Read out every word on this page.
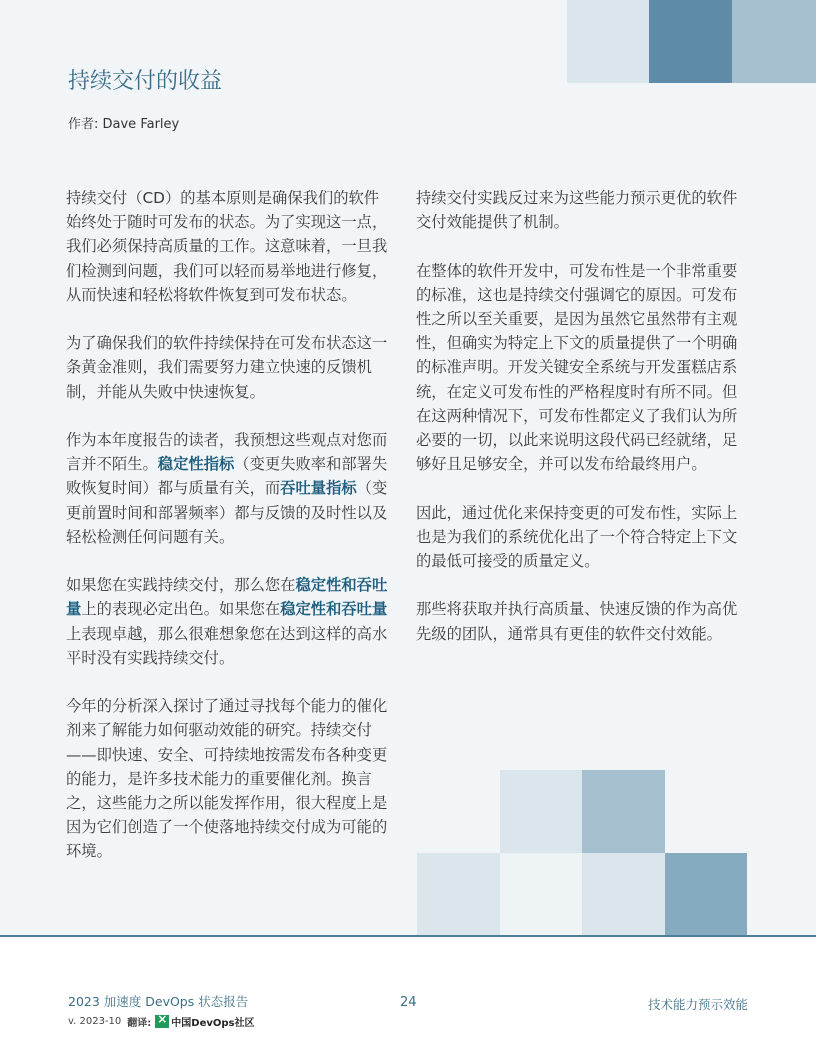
持续交付的收益
作者: Dave Farley

持续交付（CD）的基本原则是确保我们的软件始终处于随时可发布的状态。为了实现这一点，我们必须保持高质量的工作。这意味着，一旦我们检测到问题，我们可以轻而易举地进行修复，从而快速和轻松将软件恢复到可发布状态。

为了确保我们的软件持续保持在可发布状态这一条黄金准则，我们需要努力建立快速的反馈机制，并能从失败中快速恢复。

作为本年度报告的读者，我预想这些观点对您而言并不陌生。稳定性指标（变更失败率和部署失败恢复时间）都与质量有关，而吞吐量指标（变更前置时间和部署频率）都与反馈的及时性以及轻松检测任何问题有关。

如果您在实践持续交付，那么您在稳定性和吞吐量上的表现必定出色。如果您在稳定性和吞吐量上表现卓越，那么很难想象您在达到这样的高水平时没有实践持续交付。

今年的分析深入探讨了通过寻找每个能力的催化剂来了解能力如何驱动效能的研究。持续交付——即快速、安全、可持续地按需发布各种变更的能力，是许多技术能力的重要催化剂。换言之，这些能力之所以能发挥作用，很大程度上是因为它们创造了一个使落地持续交付成为可能的环境。

持续交付实践反过来为这些能力预示更优的软件交付效能提供了机制。

在整体的软件开发中，可发布性是一个非常重要的标准，这也是持续交付强调它的原因。可发布性之所以至关重要，是因为虽然它虽然带有主观性，但确实为特定上下文的质量提供了一个明确的标准声明。开发关键安全系统与开发蛋糕店系统，在定义可发布性的严格程度时有所不同。但在这两种情况下，可发布性都定义了我们认为所必要的一切，以此来说明这段代码已经就绪，足够好且足够安全，并可以发布给最终用户。

因此，通过优化来保持变更的可发布性，实际上也是为我们的系统优化出了一个符合特定上下文的最低可接受的质量定义。

那些将获取并执行高质量、快速反馈的作为高优先级的团队，通常具有更佳的软件交付效能。

2023 加速度 DevOps 状态报告
v. 2023-10 翻译:
× 中国DevOps社区
24	技术能力预示效能
